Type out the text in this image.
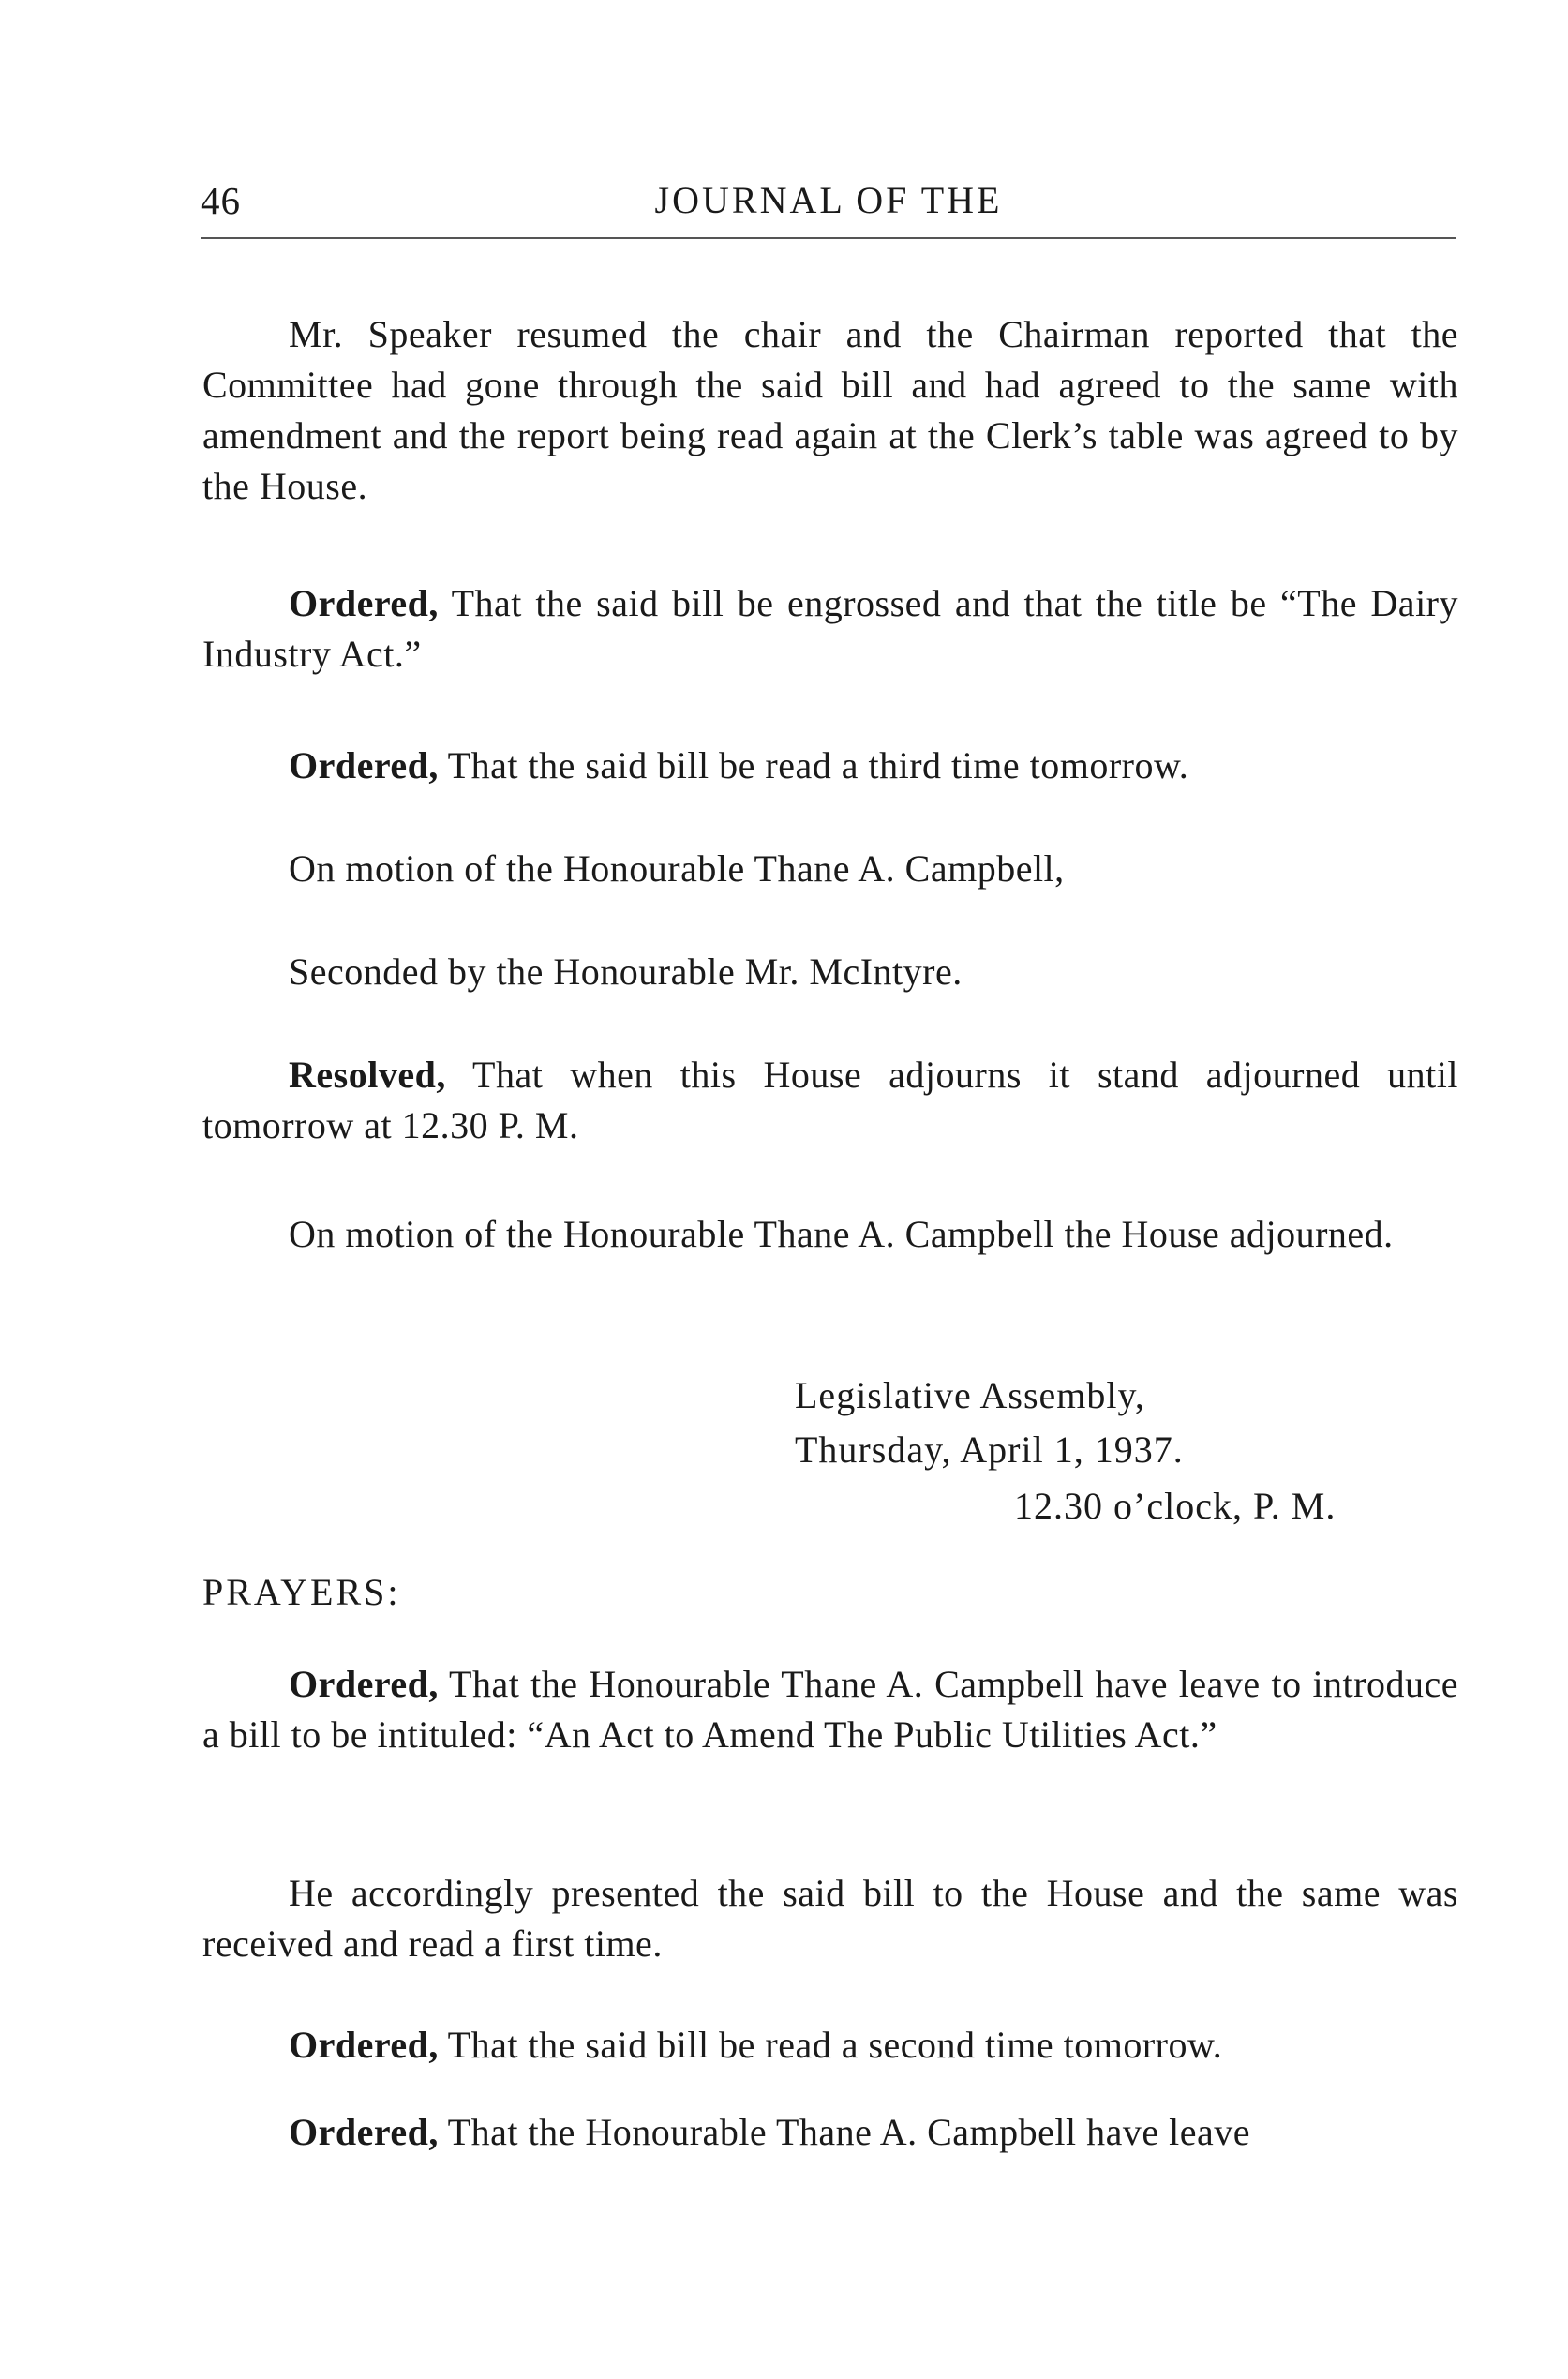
46	JOURNAL OF THE
Mr. Speaker resumed the chair and the Chairman reported that the Committee had gone through the said bill and had agreed to the same with amendment and the report being read again at the Clerk’s table was agreed to by the House.
Ordered, That the said bill be engrossed and that the title be “The Dairy Industry Act.”
Ordered, That the said bill be read a third time tomorrow.
On motion of the Honourable Thane A. Campbell,
Seconded by the Honourable Mr. McIntyre.
Resolved, That when this House adjourns it stand adjourned until tomorrow at 12.30 P. M.
On motion of the Honourable Thane A. Campbell the House adjourned.
Legislative Assembly,
Thursday, April 1, 1937.
12.30 o’clock, P. M.
PRAYERS:
Ordered, That the Honourable Thane A. Campbell have leave to introduce a bill to be intituled: “An Act to Amend The Public Utilities Act.”
He accordingly presented the said bill to the House and the same was received and read a first time.
Ordered, That the said bill be read a second time tomorrow.
Ordered, That the Honourable Thane A. Campbell have leave
